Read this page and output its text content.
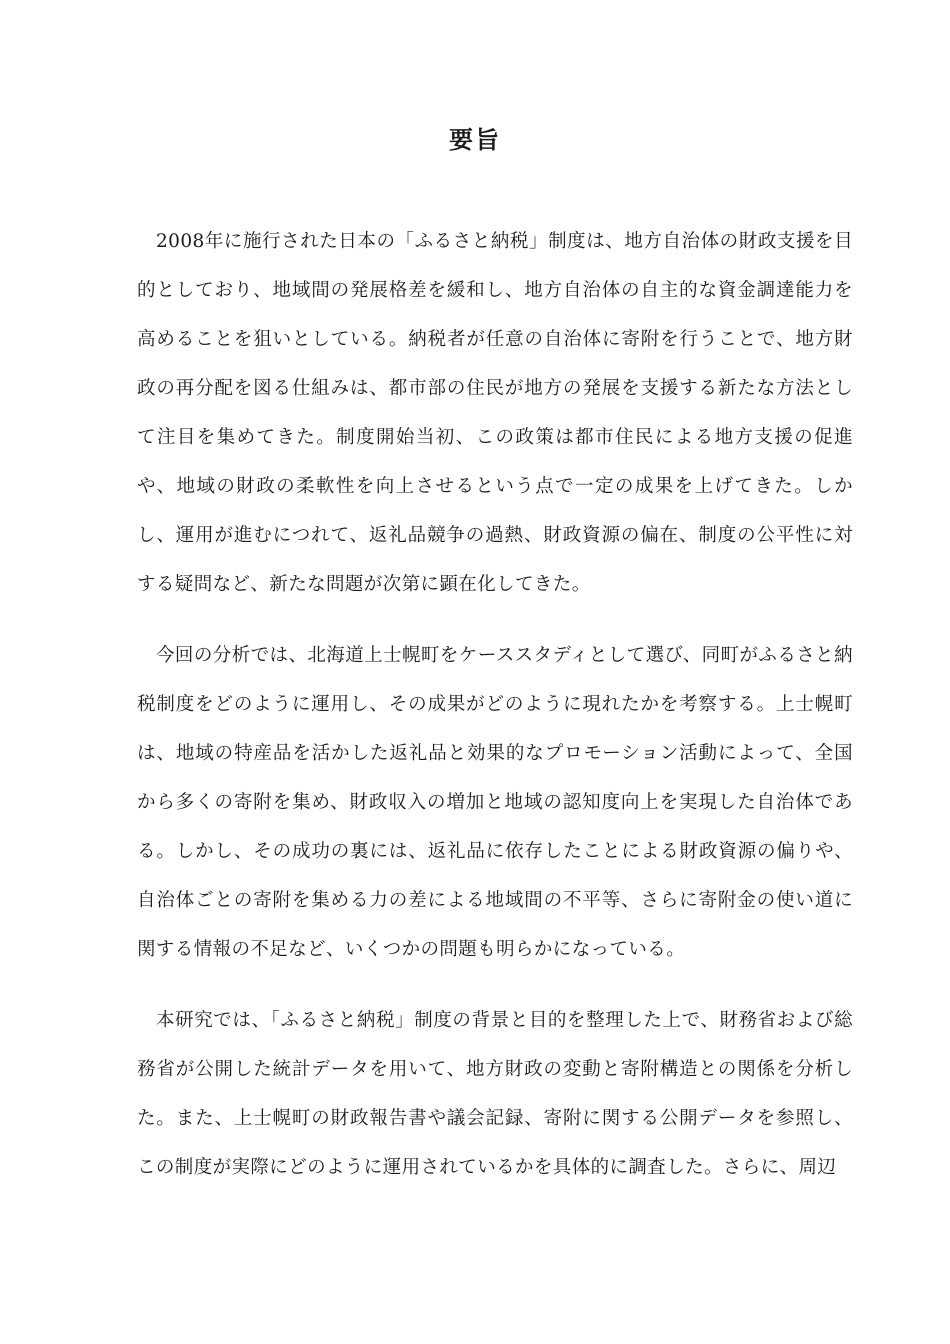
要旨

2008年に施行された日本の「ふるさと納税」制度は、地方自治体の財政支援を目的としており、地域間の発展格差を緩和し、地方自治体の自主的な資金調達能力を高めることを狙いとしている。納税者が任意の自治体に寄附を行うことで、地方財政の再分配を図る仕組みは、都市部の住民が地方の発展を支援する新たな方法として注目を集めてきた。制度開始当初、この政策は都市住民による地方支援の促進や、地域の財政の柔軟性を向上させるという点で一定の成果を上げてきた。しかし、運用が進むにつれて、返礼品競争の過熱、財政資源の偏在、制度の公平性に対する疑問など、新たな問題が次第に顕在化してきた。

今回の分析では、北海道上士幌町をケーススタディとして選び、同町がふるさと納税制度をどのように運用し、その成果がどのように現れたかを考察する。上士幌町は、地域の特産品を活かした返礼品と効果的なプロモーション活動によって、全国から多くの寄附を集め、財政収入の増加と地域の認知度向上を実現した自治体である。しかし、その成功の裏には、返礼品に依存したことによる財政資源の偏りや、自治体ごとの寄附を集める力の差による地域間の不平等、さらに寄附金の使い道に関する情報の不足など、いくつかの問題も明らかになっている。

本研究では、「ふるさと納税」制度の背景と目的を整理した上で、財務省および総務省が公開した統計データを用いて、地方財政の変動と寄附構造との関係を分析した。また、上士幌町の財政報告書や議会記録、寄附に関する公開データを参照し、この制度が実際にどのように運用されているかを具体的に調査した。さらに、周辺
